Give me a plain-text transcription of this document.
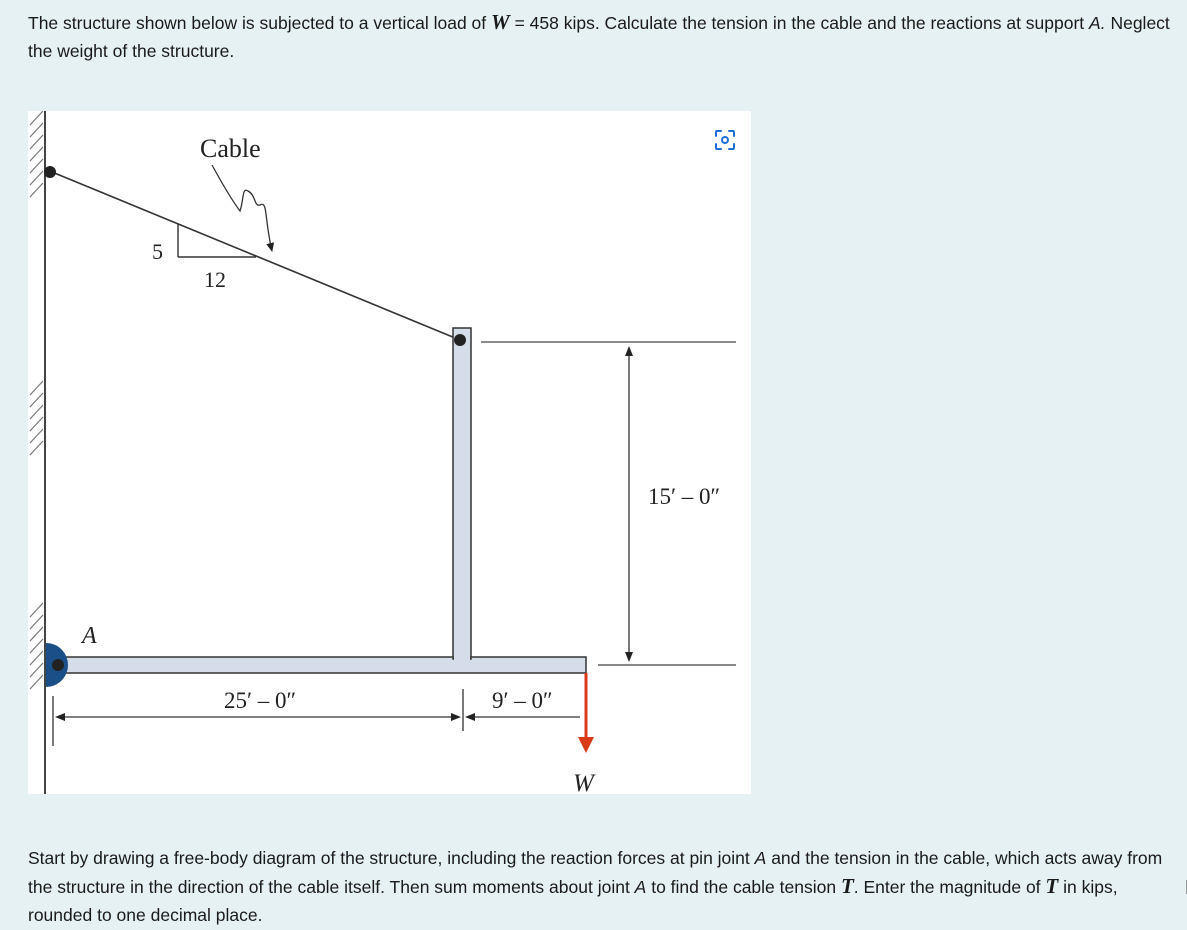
The structure shown below is subjected to a vertical load of W = 458 kips. Calculate the tension in the cable and the reactions at support A. Neglect the weight of the structure.

5
12
Cable
A
15′ – 0″
25′ – 0″	9′ – 0″
W

Start by drawing a free-body diagram of the structure, including the reaction forces at pin joint A and the tension in the cable, which acts away from the structure in the direction of the cable itself. Then sum moments about joint A to find the cable tension T. Enter the magnitude of T in kips, rounded to one decimal place.
